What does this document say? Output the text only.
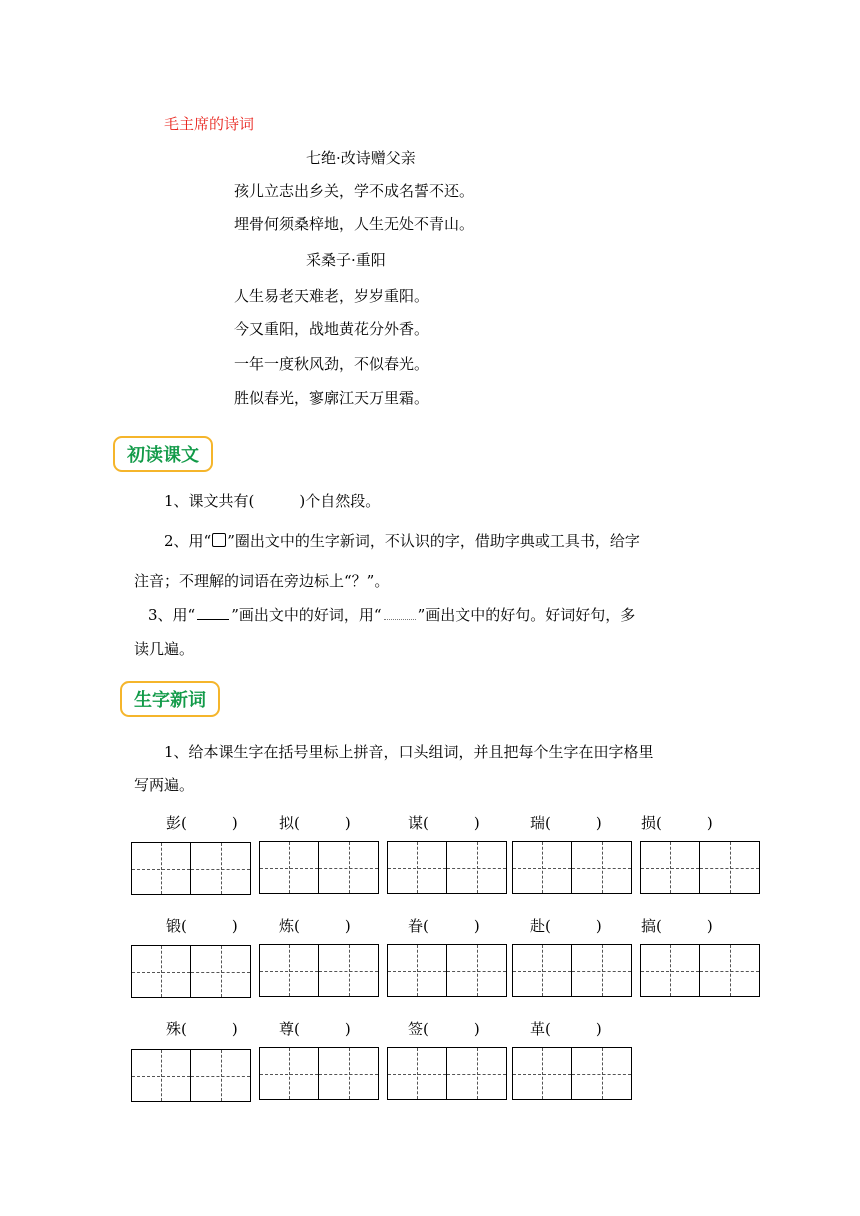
毛主席的诗词
七绝·改诗赠父亲
孩儿立志出乡关，学不成名誓不还。
埋骨何须桑梓地，人生无处不青山。
采桑子·重阳
人生易老天难老，岁岁重阳。
今又重阳，战地黄花分外香。
一年一度秋风劲，不似春光。
胜似春光，寥廓江天万里霜。
初读课文
1、课文共有(　　　)个自然段。
2、用“ ”圈出文中的生字新词，不认识的字，借助字典或工具书，给字
注音；不理解的词语在旁边标上“？”。
3、用“ ”画出文中的好词，用“ ”画出文中的好句。好词好句，多
读几遍。
生字新词
1、给本课生字在括号里标上拼音，口头组词，并且把每个生字在田字格里
写两遍。
彭(　　　)	拟(　　　)	谋(　　　)	瑞(　　　)	损(　　　)
锻(　　　)	炼(　　　)	眷(　　　)	赴(　　　)	搞(　　　)
殊(　　　)	尊(　　　)	签(　　　)	革(　　　)
